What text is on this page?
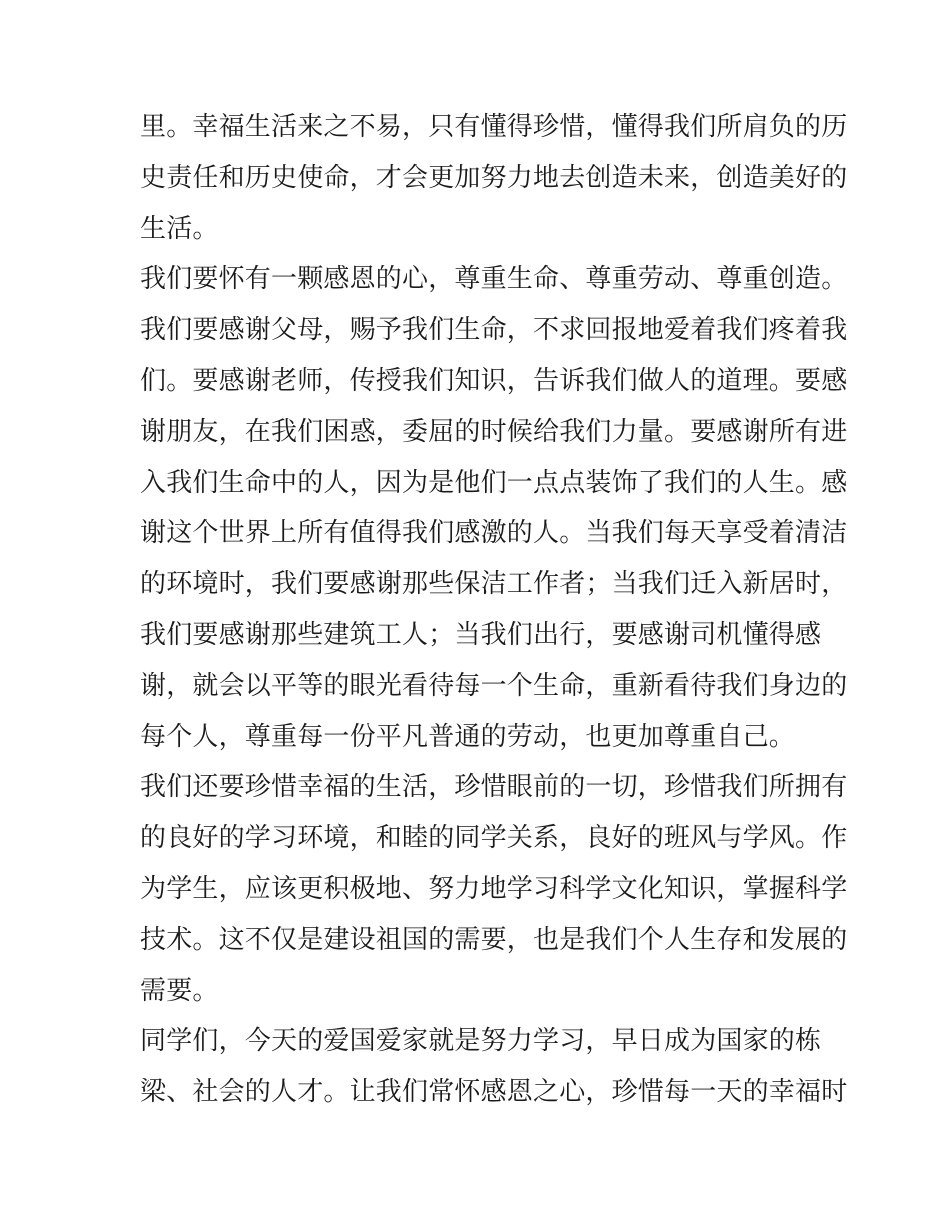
里。幸福生活来之不易，只有懂得珍惜，懂得我们所肩负的历
史责任和历史使命，才会更加努力地去创造未来，创造美好的
生活。
我们要怀有一颗感恩的心，尊重生命、尊重劳动、尊重创造。
我们要感谢父母，赐予我们生命，不求回报地爱着我们疼着我
们。要感谢老师，传授我们知识，告诉我们做人的道理。要感
谢朋友，在我们困惑，委屈的时候给我们力量。要感谢所有进
入我们生命中的人，因为是他们一点点装饰了我们的人生。感
谢这个世界上所有值得我们感激的人。当我们每天享受着清洁
的环境时，我们要感谢那些保洁工作者；当我们迁入新居时，
我们要感谢那些建筑工人；当我们出行，要感谢司机懂得感
谢，就会以平等的眼光看待每一个生命，重新看待我们身边的
每个人，尊重每一份平凡普通的劳动，也更加尊重自己。
我们还要珍惜幸福的生活，珍惜眼前的一切，珍惜我们所拥有
的良好的学习环境，和睦的同学关系，良好的班风与学风。作
为学生，应该更积极地、努力地学习科学文化知识，掌握科学
技术。这不仅是建设祖国的需要，也是我们个人生存和发展的
需要。
同学们，今天的爱国爱家就是努力学习，早日成为国家的栋
梁、社会的人才。让我们常怀感恩之心，珍惜每一天的幸福时
